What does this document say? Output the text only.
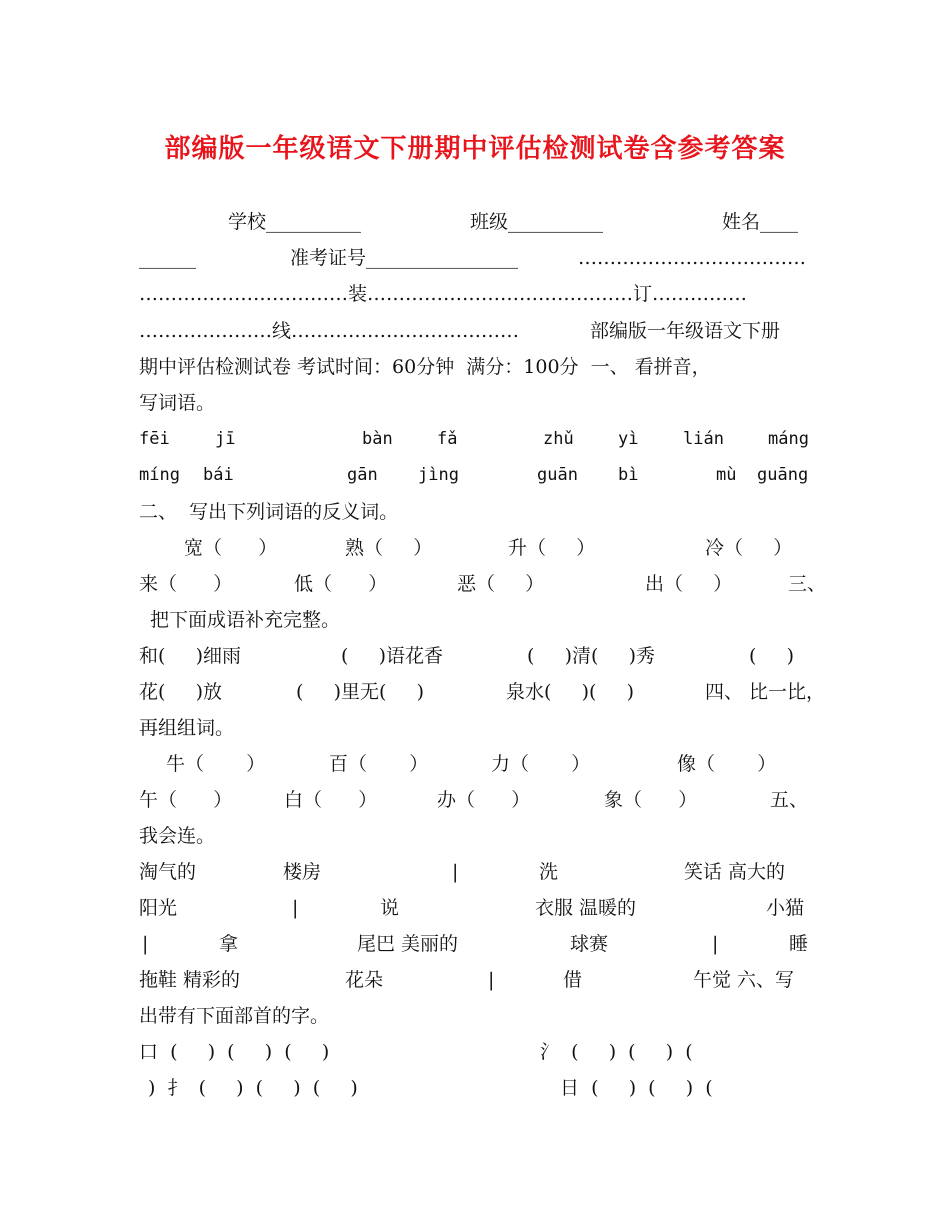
部编版一年级语文下册期中评估检测试卷含参考答案
学校__________	班级__________	姓名____
______	准考证号________________	………………………………
……………………………装……………………………………订……………
…………………线………………………………	部编版一年级语文下册
期中评估检测试卷 考试时间：60分钟  满分：100分  一、 看拼音，
写词语。
fēi	jī	bàn	fǎ	zhǔ	yì	lián	máng
míng bái	gān jìng	guān bì	mù guāng
二、  写出下列词语的反义词。
宽（      ）	熟（     ）	升（     ）	冷（     ）
来（      ）	低（      ）	恶（     ）	出（     ）	三、
把下面成语补充完整。
和(     )细雨	(     )语花香	(     )清(     )秀	(     )
花(     )放	(     )里无(     )	泉水(     )(     )	四、 比一比，
再组组词。
牛（       ）	百（       ）	力（       ）	像（       ）
午（      ）	白（      ）	办（      ）	象（      ）	五、
我会连。
淘气的	楼房	|	洗	笑话 高大的
阳光	|	说	衣服 温暖的	小猫
|	拿	尾巴 美丽的	球赛	|	睡
拖鞋 精彩的	花朵	|	借	午觉 六、写
出带有下面部首的字。
口  (     )  (     )  (     )	氵  (     )  (     )  (
)  扌  (     )  (     )  (     )	日  (     )  (     )  (
